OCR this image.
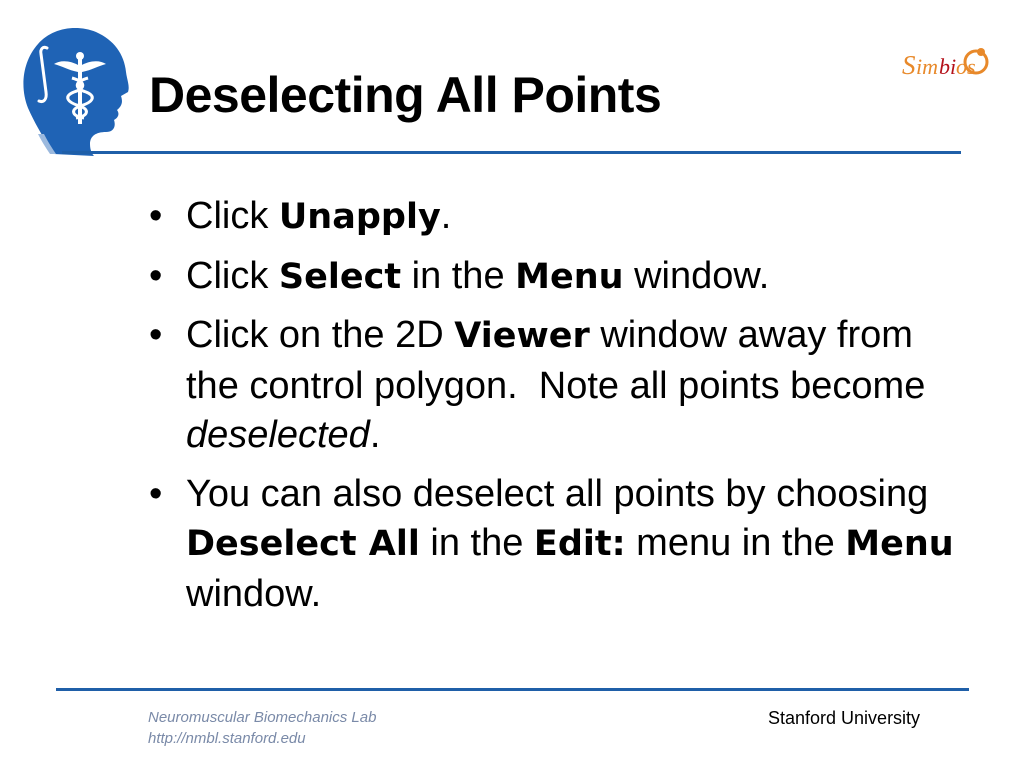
S im bi os
Deselecting All Points
• Click Unapply.
• Click Select in the Menu window.
• Click on the 2D Viewer window away from the control polygon.  Note all points become deselected.
• You can also deselect all points by choosing Deselect All in the Edit: menu in the Menu window.
Neuromuscular Biomechanics Lab
http://nmbl.stanford.edu
Stanford University
